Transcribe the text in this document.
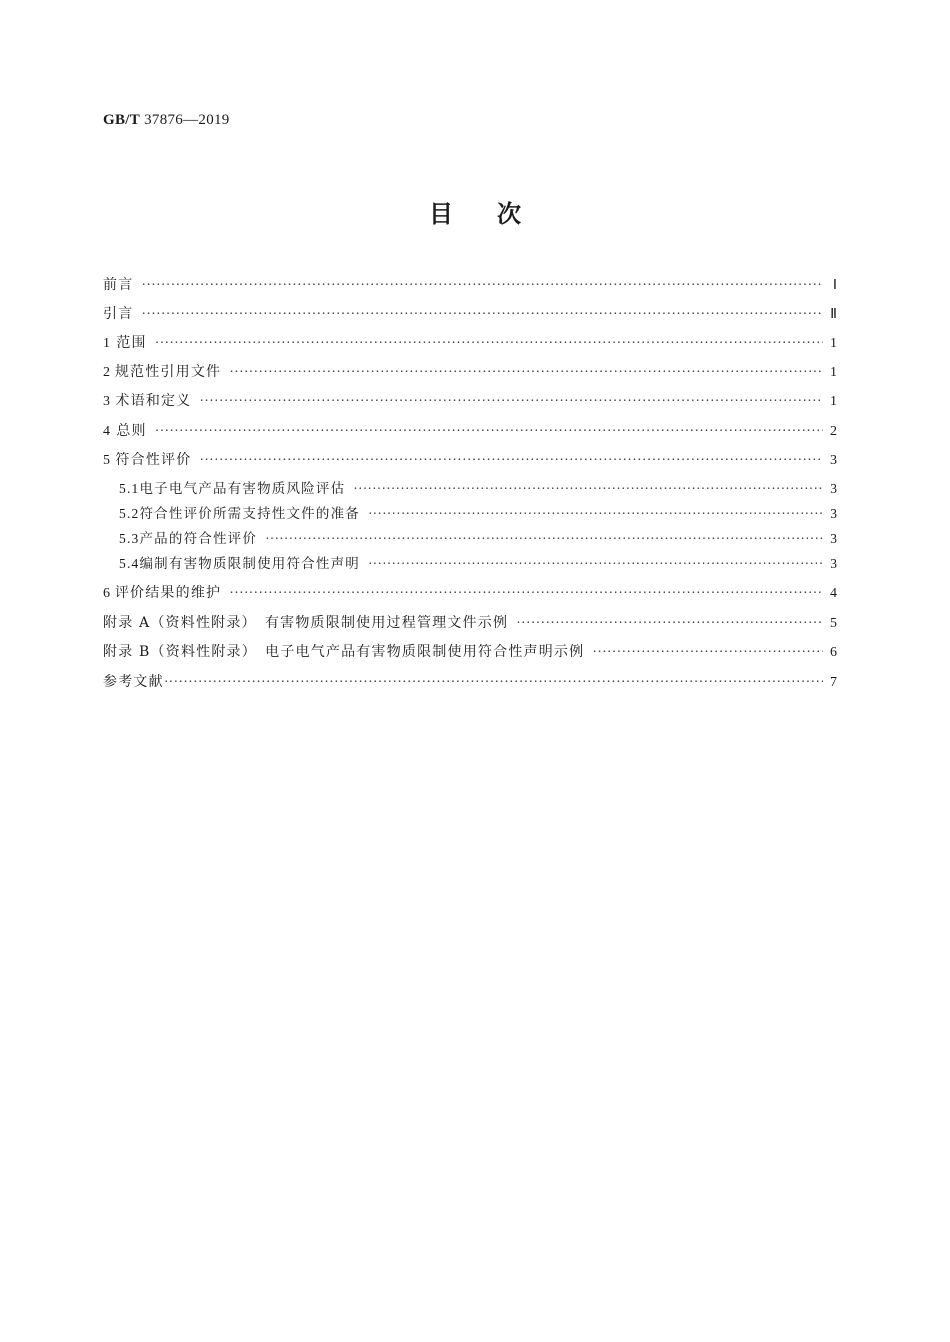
GB/T 37876—2019
目 次
前言 ·····	Ⅰ
引言 ·····	Ⅱ
1 范围 ·····	1
2 规范性引用文件 ·····	1
3 术语和定义 ·····	1
4 总则 ·····	2
5 符合性评价 ·····	3
5.1 电子电气产品有害物质风险评估 ·····	3
5.2 符合性评价所需支持性文件的准备 ·····	3
5.3 产品的符合性评价 ·····	3
5.4 编制有害物质限制使用符合性声明 ·····	3
6 评价结果的维护 ·····	4
附录 A（资料性附录）　有害物质限制使用过程管理文件示例 ·····	5
附录 B（资料性附录）　电子电气产品有害物质限制使用符合性声明示例 ·····	6
参考文献 ·····	7
